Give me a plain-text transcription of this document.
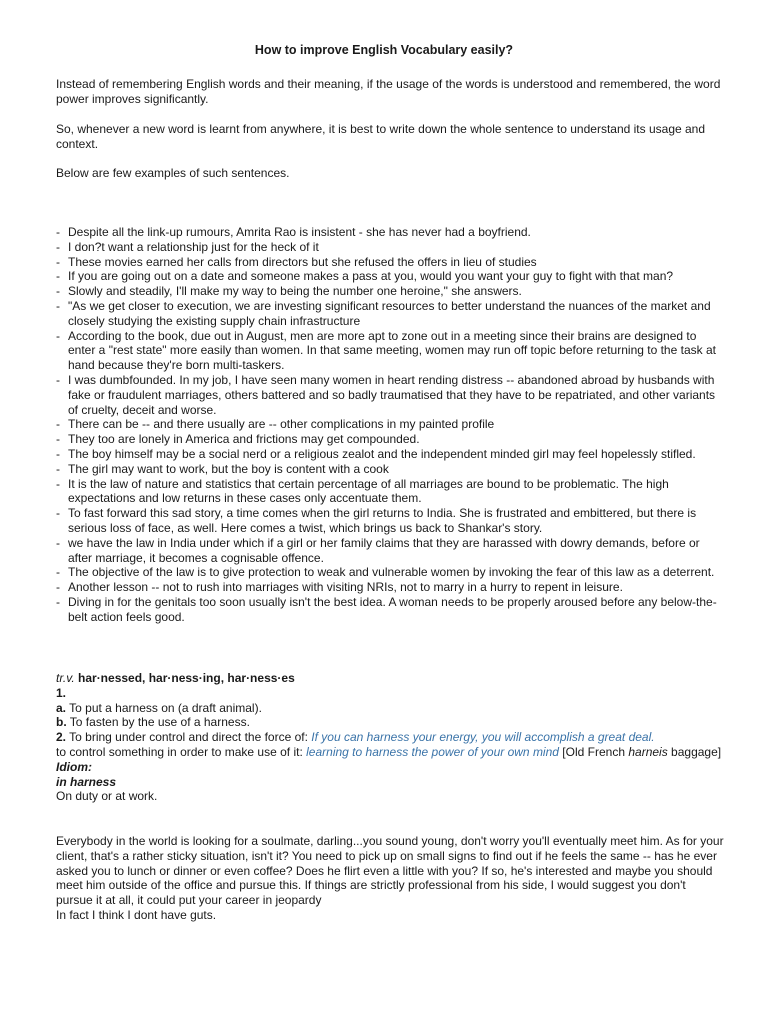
How to improve English Vocabulary easily?

Instead of remembering English words and their meaning, if the usage of the words is understood and remembered, the word power improves significantly.

So, whenever a new word is learnt from anywhere, it is best to write down the whole sentence to understand its usage and context.

Below are few examples of such sentences.

- Despite all the link-up rumours, Amrita Rao is insistent - she has never had a boyfriend.
- I don?t want a relationship just for the heck of it
- These movies earned her calls from directors but she refused the offers in lieu of studies
- If you are going out on a date and someone makes a pass at you, would you want your guy to fight with that man?
- Slowly and steadily, I'll make my way to being the number one heroine," she answers.
- "As we get closer to execution, we are investing significant resources to better understand the nuances of the market and closely studying the existing supply chain infrastructure
- According to the book, due out in August, men are more apt to zone out in a meeting since their brains are designed to enter a "rest state" more easily than women. In that same meeting, women may run off topic before returning to the task at hand because they're born multi-taskers.
- I was dumbfounded. In my job, I have seen many women in heart rending distress -- abandoned abroad by husbands with fake or fraudulent marriages, others battered and so badly traumatised that they have to be repatriated, and other variants of cruelty, deceit and worse.
- There can be -- and there usually are -- other complications in my painted profile
- They too are lonely in America and frictions may get compounded.
- The boy himself may be a social nerd or a religious zealot and the independent minded girl may feel hopelessly stifled.
- The girl may want to work, but the boy is content with a cook
- It is the law of nature and statistics that certain percentage of all marriages are bound to be problematic. The high expectations and low returns in these cases only accentuate them.
- To fast forward this sad story, a time comes when the girl returns to India. She is frustrated and embittered, but there is serious loss of face, as well. Here comes a twist, which brings us back to Shankar's story.
- we have the law in India under which if a girl or her family claims that they are harassed with dowry demands, before or after marriage, it becomes a cognisable offence.
- The objective of the law is to give protection to weak and vulnerable women by invoking the fear of this law as a deterrent.
- Another lesson -- not to rush into marriages with visiting NRIs, not to marry in a hurry to repent in leisure.
- Diving in for the genitals too soon usually isn't the best idea. A woman needs to be properly aroused before any below-the-belt action feels good.
tr.v. har·nessed, har·ness·ing, har·ness·es
1.
a. To put a harness on (a draft animal).
b. To fasten by the use of a harness.
2. To bring under control and direct the force of: If you can harness your energy, you will accomplish a great deal.
to control something in order to make use of it: learning to harness the power of your own mind [Old French harneis baggage]
Idiom:
in harness
On duty or at work.

Everybody in the world is looking for a soulmate, darling...you sound young, don't worry you'll eventually meet him. As for your client, that's a rather sticky situation, isn't it? You need to pick up on small signs to find out if he feels the same -- has he ever asked you to lunch or dinner or even coffee? Does he flirt even a little with you? If so, he's interested and maybe you should meet him outside of the office and pursue this. If things are strictly professional from his side, I would suggest you don't pursue it at all, it could put your career in jeopardy

In fact I think I dont have guts.
